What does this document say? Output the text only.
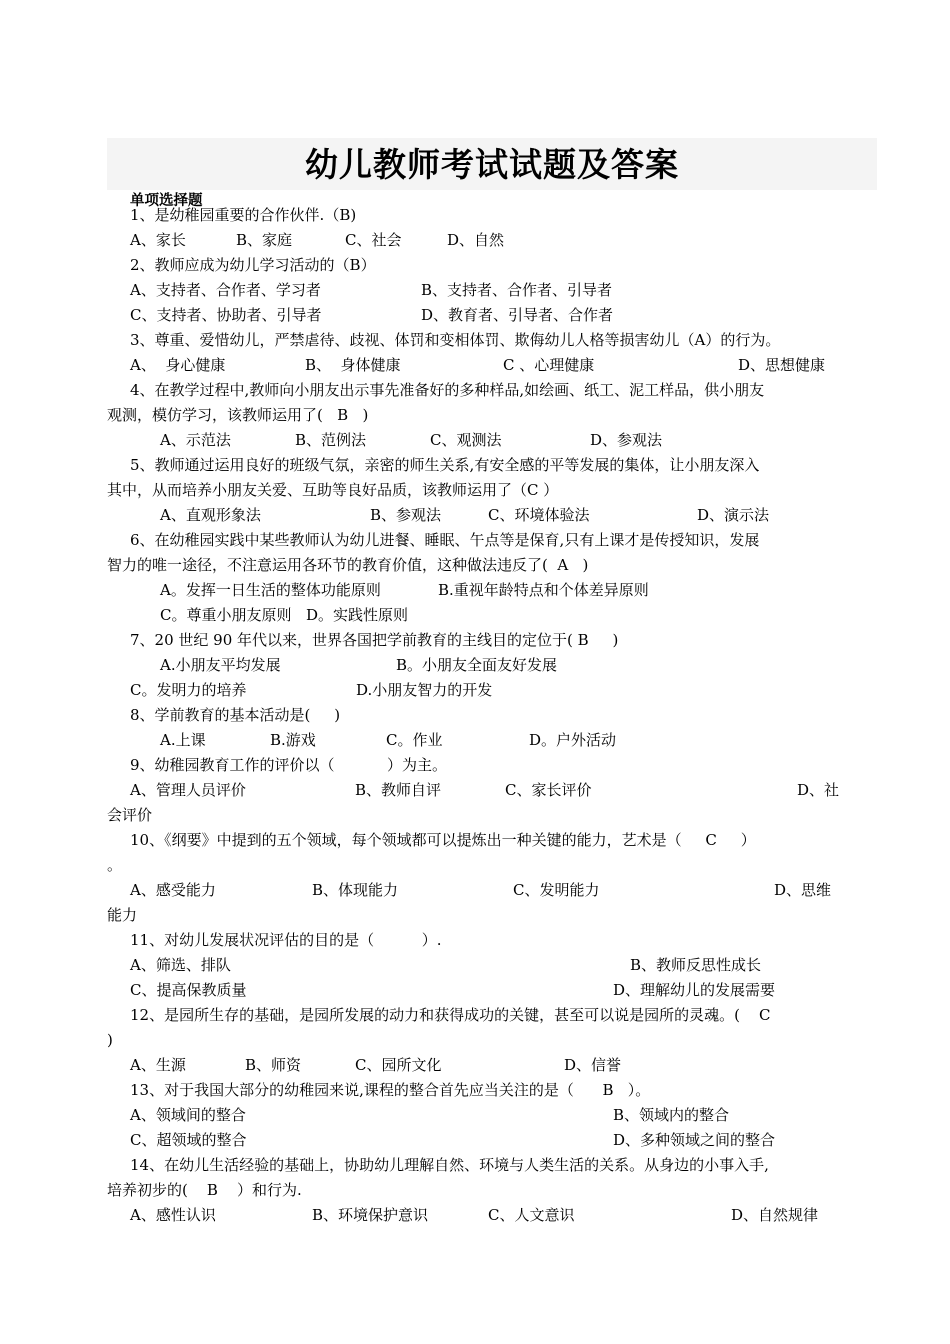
幼儿教师考试试题及答案
单项选择题
1、是幼稚园重要的合作伙伴.（B)
A、家长	B、家庭	C、社会	D、自然
2、教师应成为幼儿学习活动的（B）
A、支持者、合作者、学习者	B、支持者、合作者、引导者
C、支持者、协助者、引导者	D、教育者、引导者、合作者
3、尊重、爱惜幼儿，严禁虐待、歧视、体罚和变相体罚、欺侮幼儿人格等损害幼儿（A）的行为。
A、  身心健康	B、  身体健康	C 、心理健康	D、思想健康
4、在教学过程中,教师向小朋友出示事先准备好的多种样品,如绘画、纸工、泥工样品，供小朋友
观测，模仿学习，该教师运用了(   B   )
A、示范法	B、范例法	C、观测法	D、参观法
5、教师通过运用良好的班级气氛，亲密的师生关系,有安全感的平等发展的集体，让小朋友深入
其中，从而培养小朋友关爱、互助等良好品质，该教师运用了（C ）
A、直观形象法	B、参观法	C、环境体验法	D、演示法
6、在幼稚园实践中某些教师认为幼儿进餐、睡眠、午点等是保育,只有上课才是传授知识，发展
智力的唯一途径，不注意运用各环节的教育价值，这种做法违反了(  A   )
A。发挥一日生活的整体功能原则	B.重视年龄特点和个体差异原则
C。尊重小朋友原则 D。实践性原则
7、20 世纪 90 年代以来，世界各国把学前教育的主线目的定位于( B     )
A.小朋友平均发展	B。小朋友全面友好发展
C。发明力的培养	D.小朋友智力的开发
8、学前教育的基本活动是(     )
A.上课	B.游戏	C。作业	D。户外活动
9、幼稚园教育工作的评价以（           ）为主。
A、管理人员评价	B、教师自评	C、家长评价	D、社
会评价
10、《纲要》中提到的五个领域，每个领域都可以提炼出一种关键的能力，艺术是（     C     ）
。
A、感受能力	B、体现能力	C、发明能力	D、思维
能力
11、对幼儿发展状况评估的目的是（          ）.
A、筛选、排队	B、教师反思性成长
C、提高保教质量	D、理解幼儿的发展需要
12、是园所生存的基础，是园所发展的动力和获得成功的关键，甚至可以说是园所的灵魂。(    C
)
A、生源	B、师资	C、园所文化	D、信誉
13、对于我国大部分的幼稚园来说,课程的整合首先应当关注的是（      B   ）。
A、领域间的整合	B、领域内的整合
C、超领域的整合	D、多种领域之间的整合
14、在幼儿生活经验的基础上，协助幼儿理解自然、环境与人类生活的关系。从身边的小事入手,
培养初步的(    B    ）和行为.
A、感性认识	B、环境保护意识	C、人文意识	D、自然规律
